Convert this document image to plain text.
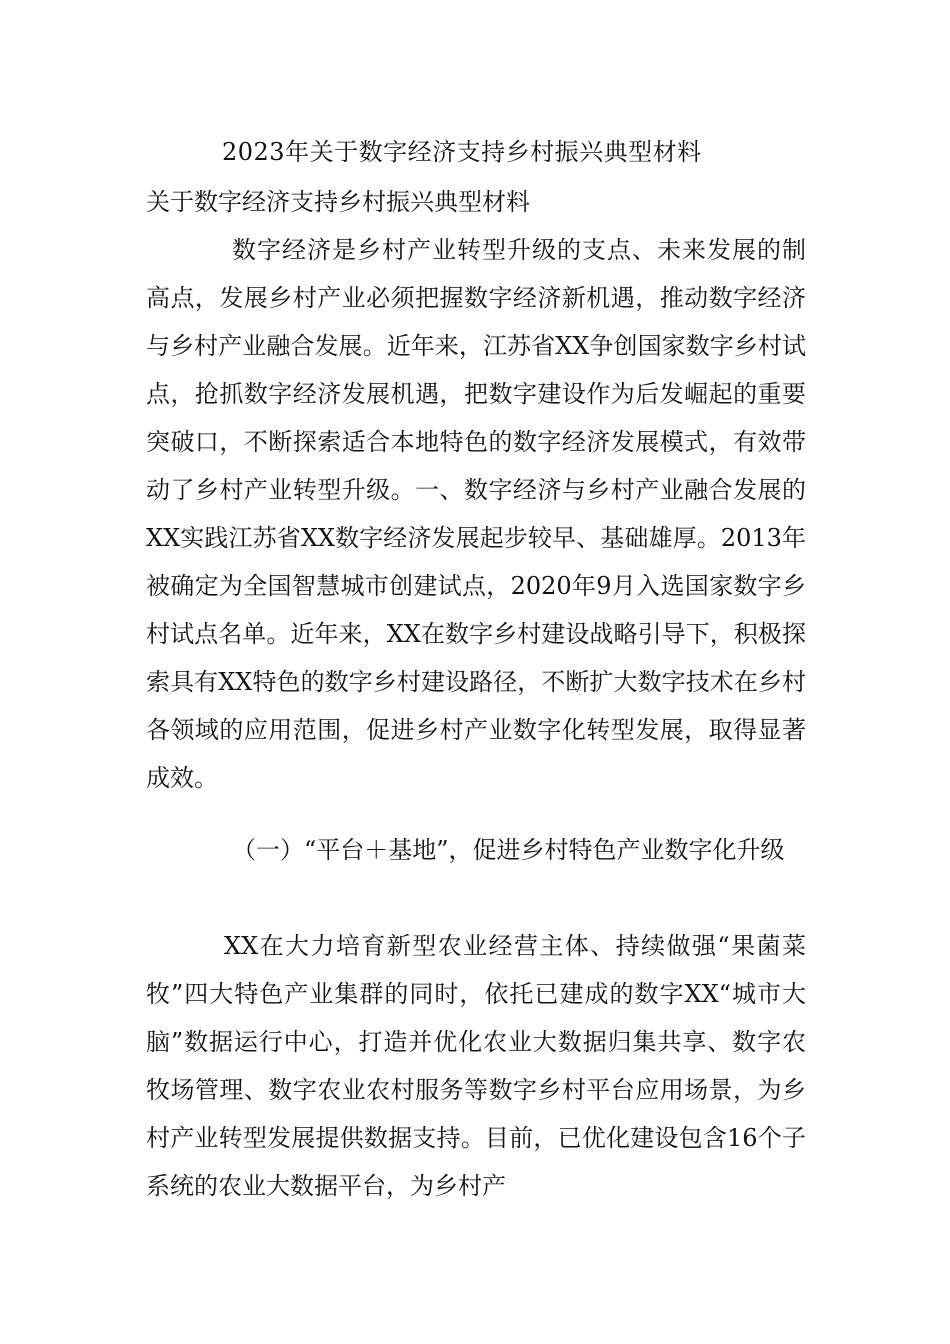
2023年关于数字经济支持乡村振兴典型材料
关于数字经济支持乡村振兴典型材料

数字经济是乡村产业转型升级的支点、未来发展的制高点，发展乡村产业必须把握数字经济新机遇，推动数字经济与乡村产业融合发展。近年来，江苏省XX争创国家数字乡村试点，抢抓数字经济发展机遇，把数字建设作为后发崛起的重要突破口，不断探索适合本地特色的数字经济发展模式，有效带动了乡村产业转型升级。一、数字经济与乡村产业融合发展的XX实践江苏省XX数字经济发展起步较早、基础雄厚。2013年被确定为全国智慧城市创建试点，2020年9月入选国家数字乡村试点名单。近年来，XX在数字乡村建设战略引导下，积极探索具有XX特色的数字乡村建设路径，不断扩大数字技术在乡村各领域的应用范围，促进乡村产业数字化转型发展，取得显著成效。

（一）“平台＋基地”，促进乡村特色产业数字化升级

XX在大力培育新型农业经营主体、持续做强“果菌菜牧”四大特色产业集群的同时，依托已建成的数字XX“城市大脑”数据运行中心，打造并优化农业大数据归集共享、数字农牧场管理、数字农业农村服务等数字乡村平台应用场景，为乡村产业转型发展提供数据支持。目前，已优化建设包含16个子系统的农业大数据平台，为乡村产
